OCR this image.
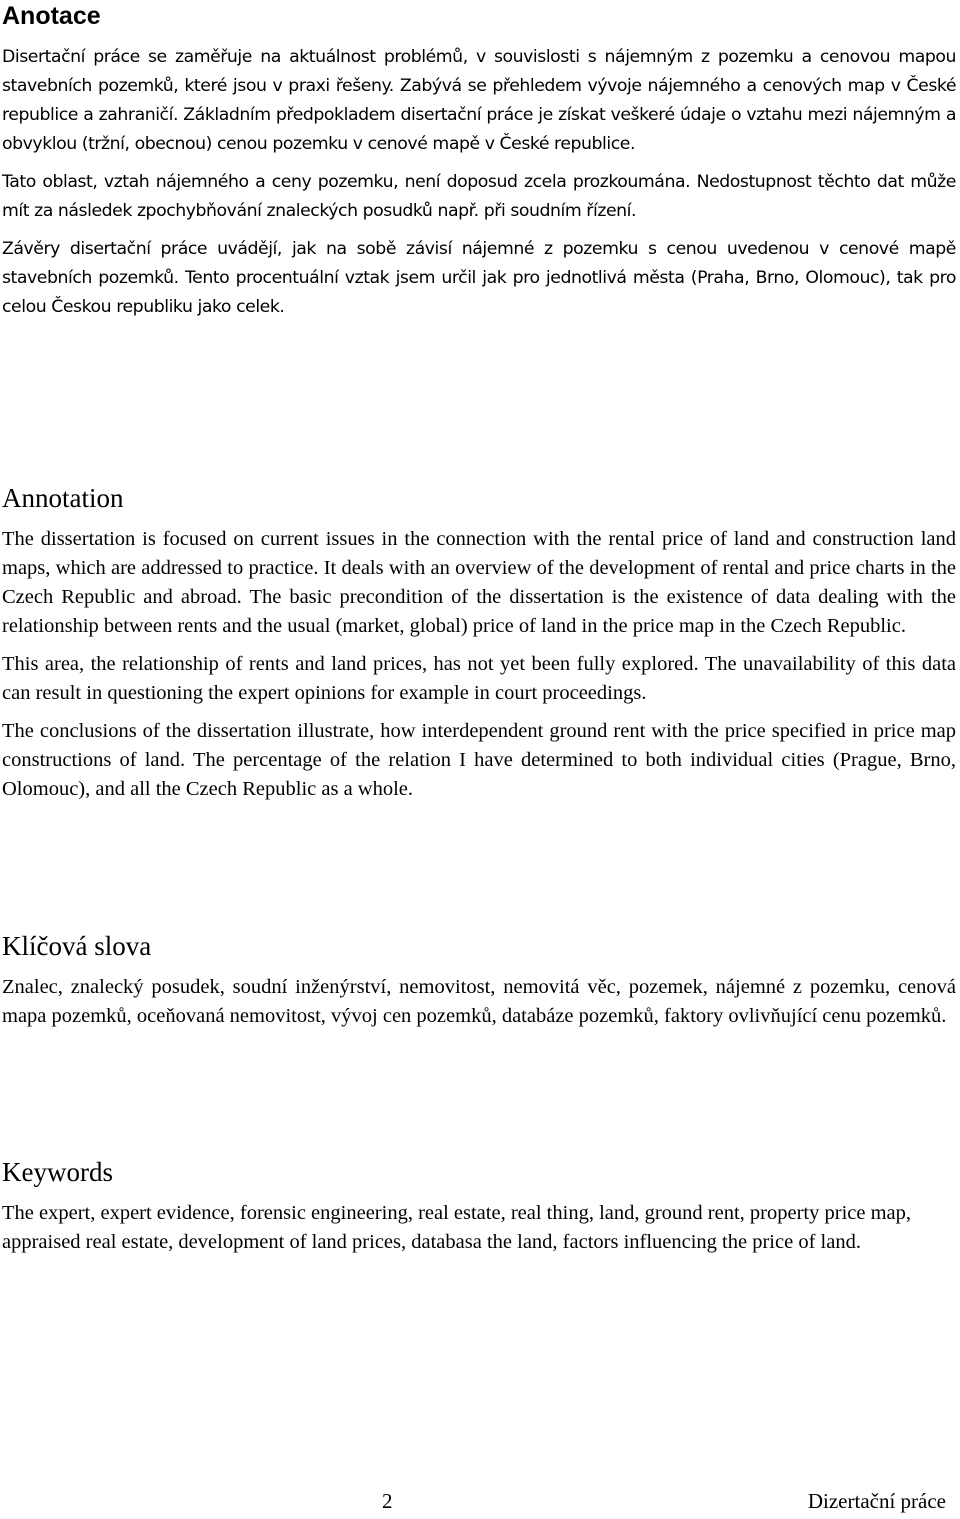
Anotace

Disertační práce se zaměřuje na aktuálnost problémů, v souvislosti s nájemným z pozemku a cenovou mapou stavebních pozemků, které jsou v praxi řešeny. Zabývá se přehledem vývoje nájemného a cenových map v České republice a zahraničí. Základním předpokladem disertační práce je získat veškeré údaje o vztahu mezi nájemným a obvyklou (tržní, obecnou) cenou pozemku v cenové mapě v České republice.

Tato oblast, vztah nájemného a ceny pozemku, není doposud zcela prozkoumána. Nedostupnost těchto dat může mít za následek zpochybňování znaleckých posudků např. při soudním řízení.

Závěry disertační práce uvádějí, jak na sobě závisí nájemné z pozemku s cenou uvedenou v cenové mapě stavebních pozemků. Tento procentuální vztak jsem určil jak pro jednotlivá města (Praha, Brno, Olomouc), tak pro celou Českou republiku jako celek.

Annotation

The dissertation is focused on current issues in the connection with the rental price of land and construction land maps, which are addressed to practice. It deals with an overview of the development of rental and price charts in the Czech Republic and abroad. The basic precondition of the dissertation is the existence of data dealing with the relationship between rents and the usual (market, global) price of land in the price map in the Czech Republic.

This area, the relationship of rents and land prices, has not yet been fully explored. The unavailability of this data can result in questioning the expert opinions for example in court proceedings.

The conclusions of the dissertation illustrate, how interdependent ground rent with the price specified in price map constructions of land. The percentage of the relation I have determined to both individual cities (Prague, Brno, Olomouc), and all the Czech Republic as a whole.

Klíčová slova

Znalec, znalecký posudek, soudní inženýrství, nemovitost, nemovitá věc, pozemek, nájemné z pozemku, cenová mapa pozemků, oceňovaná nemovitost, vývoj cen pozemků, databáze pozemků, faktory ovlivňující cenu pozemků.

Keywords

The expert, expert evidence, forensic engineering, real estate, real thing, land, ground rent, property price map, appraised real estate, development of land prices, databasa the land, factors influencing the price of land.

2	Dizertační práce
